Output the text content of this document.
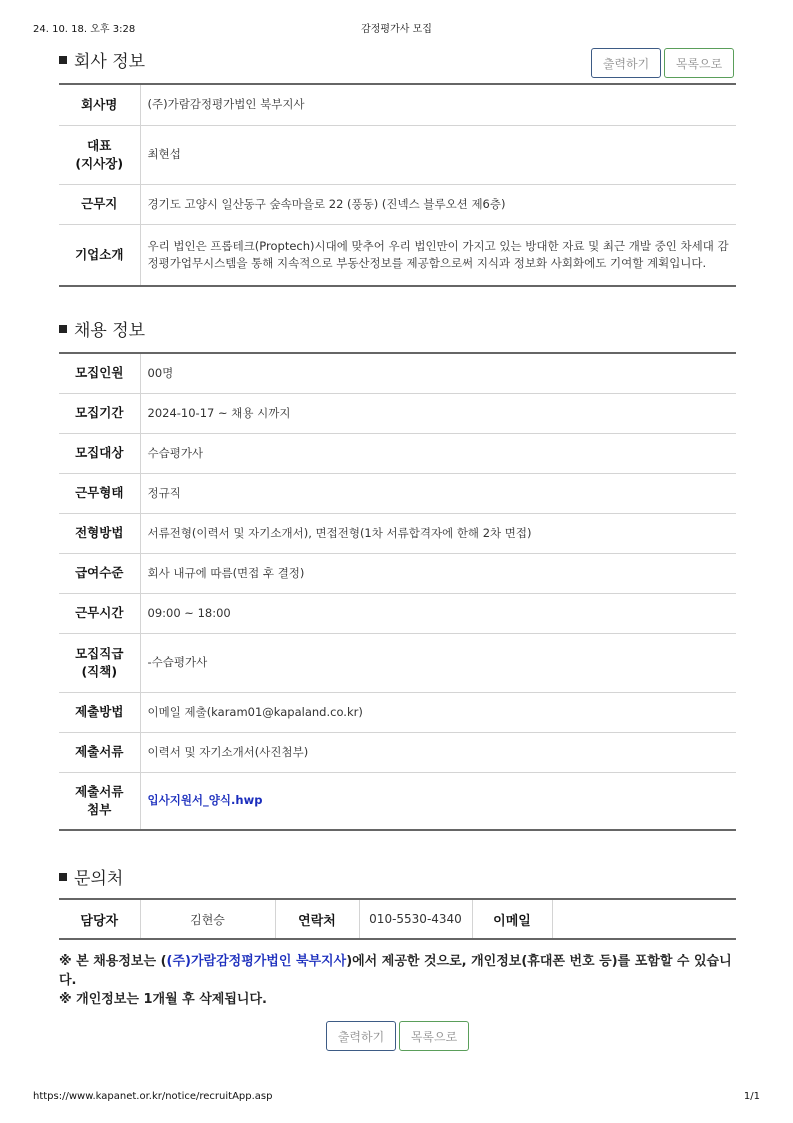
24. 10. 18. 오후 3:28	감정평가사 모집
회사 정보	출력하기	목록으로
회사명	(주)가람감정평가법인 북부지사
대표
(지사장)	최현섭
근무지	경기도 고양시 일산동구 숲속마을로 22 (풍동) (진넥스 블루오션 제6층)
기업소개	우리 법인은 프롭테크(Proptech)시대에 맞추어 우리 법인만이 가지고 있는 방대한 자료 및 최근 개발 중인 차세대 감정평가업무시스템을 통해 지속적으로 부동산정보를 제공함으로써 지식과 정보화 사회화에도 기여할 계획입니다.
채용 정보
모집인원	00명
모집기간	2024-10-17 ~ 채용 시까지
모집대상	수습평가사
근무형태	정규직
전형방법	서류전형(이력서 및 자기소개서), 면접전형(1차 서류합격자에 한해 2차 면접)
급여수준	회사 내규에 따름(면접 후 결정)
근무시간	09:00 ~ 18:00
모집직급
(직책)	-수습평가사
제출방법	이메일 제출(karam01@kapaland.co.kr)
제출서류	이력서 및 자기소개서(사진첨부)
제출서류
첨부	입사지원서_양식.hwp
문의처
담당자	김현승	연락처	010-5530-4340	이메일	
※ 본 채용정보는 ((주)가람감정평가법인 북부지사)에서 제공한 것으로, 개인정보(휴대폰 번호 등)를 포함할 수 있습니다.
※ 개인정보는 1개월 후 삭제됩니다.
출력하기	목록으로
https://www.kapanet.or.kr/notice/recruitApp.asp	1/1
